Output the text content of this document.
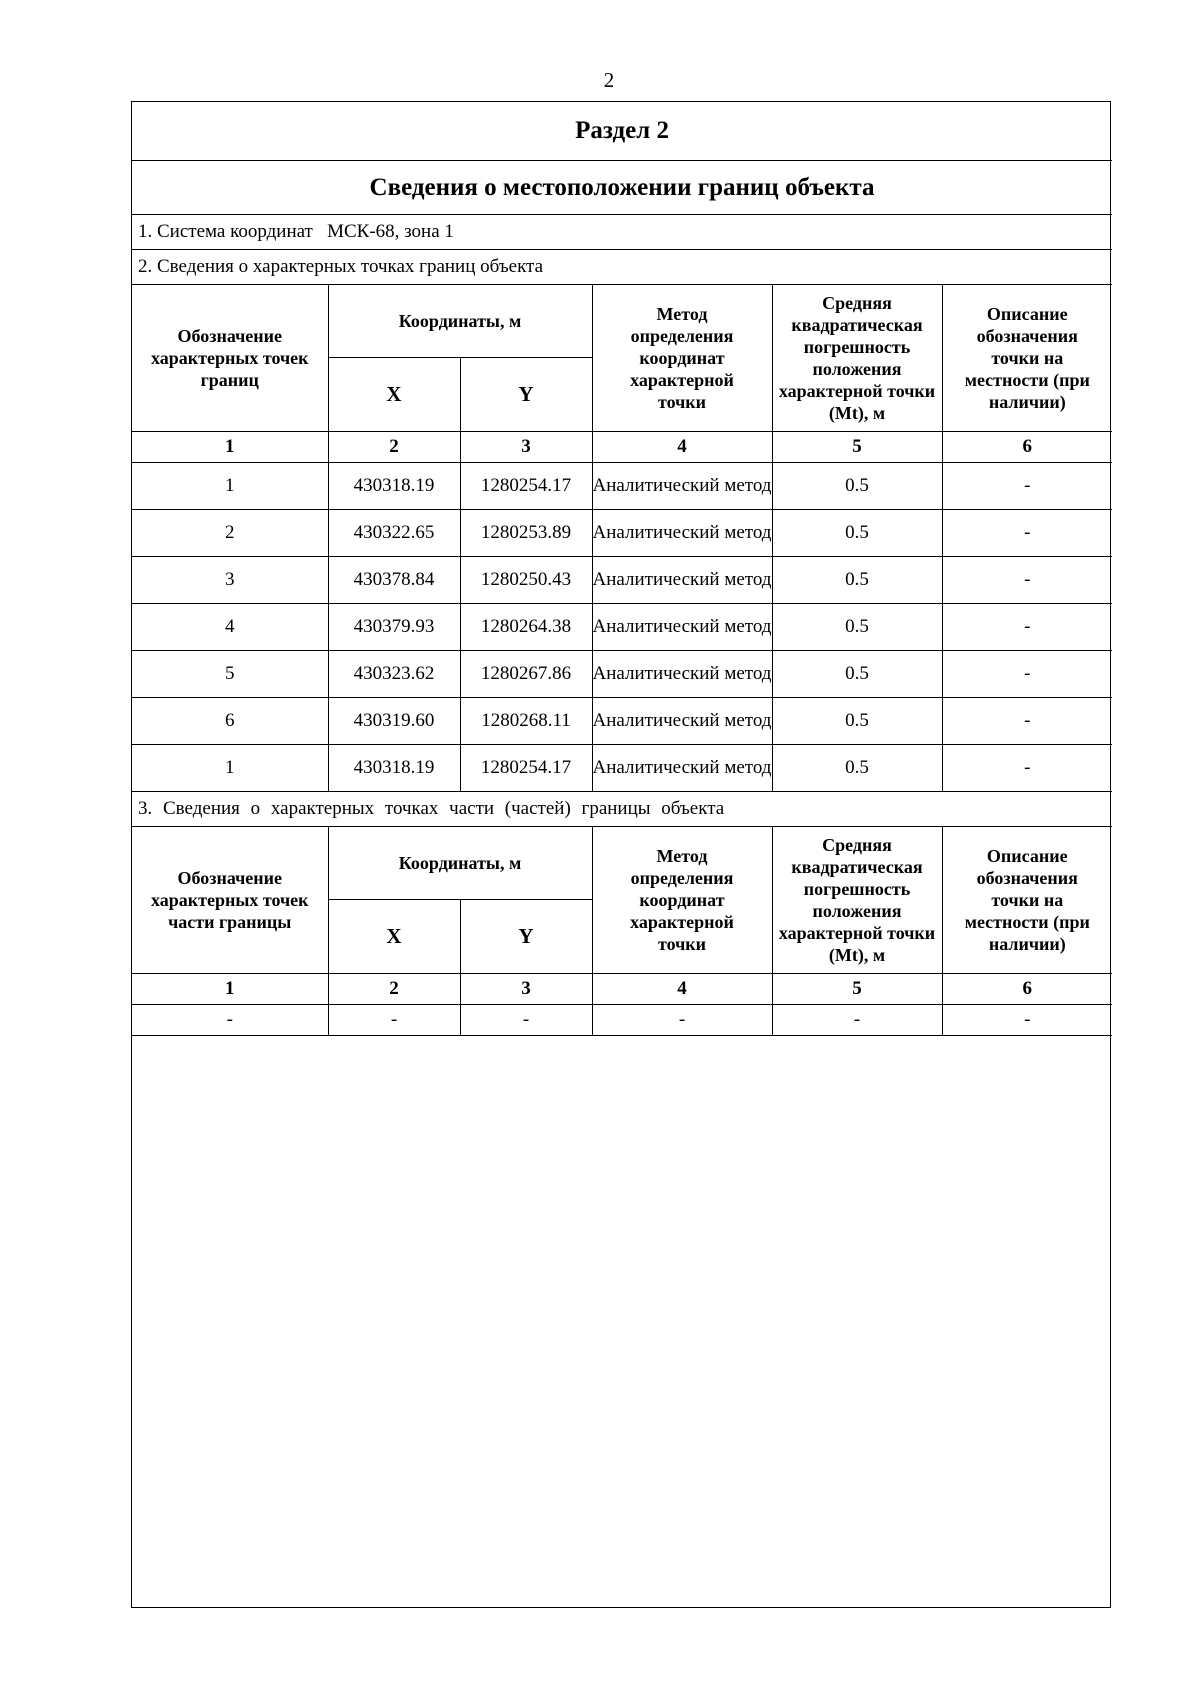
2
Раздел 2					
Сведения о местоположении границ объекта					
1. Система координат   МСК-68, зона 1					
2. Сведения о характерных точках границ объекта					
Обозначение характерных точек границ	Координаты, м		Метод определения координат характерной точки	Средняя квадратическая погрешность положения характерной точки (Mt), м	Описание обозначения точки на местности (при наличии)
	X	Y			
1	2	3	4	5	6
1	430318.19	1280254.17	Аналитический метод	0.5	-
2	430322.65	1280253.89	Аналитический метод	0.5	-
3	430378.84	1280250.43	Аналитический метод	0.5	-
4	430379.93	1280264.38	Аналитический метод	0.5	-
5	430323.62	1280267.86	Аналитический метод	0.5	-
6	430319.60	1280268.11	Аналитический метод	0.5	-
1	430318.19	1280254.17	Аналитический метод	0.5	-
3. Сведения о характерных точках части (частей) границы объекта					
Обозначение характерных точек части границы	Координаты, м		Метод определения координат характерной точки	Средняя квадратическая погрешность положения характерной точки (Mt), м	Описание обозначения точки на местности (при наличии)
	X	Y			
1	2	3	4	5	6
-	-	-	-	-	-
